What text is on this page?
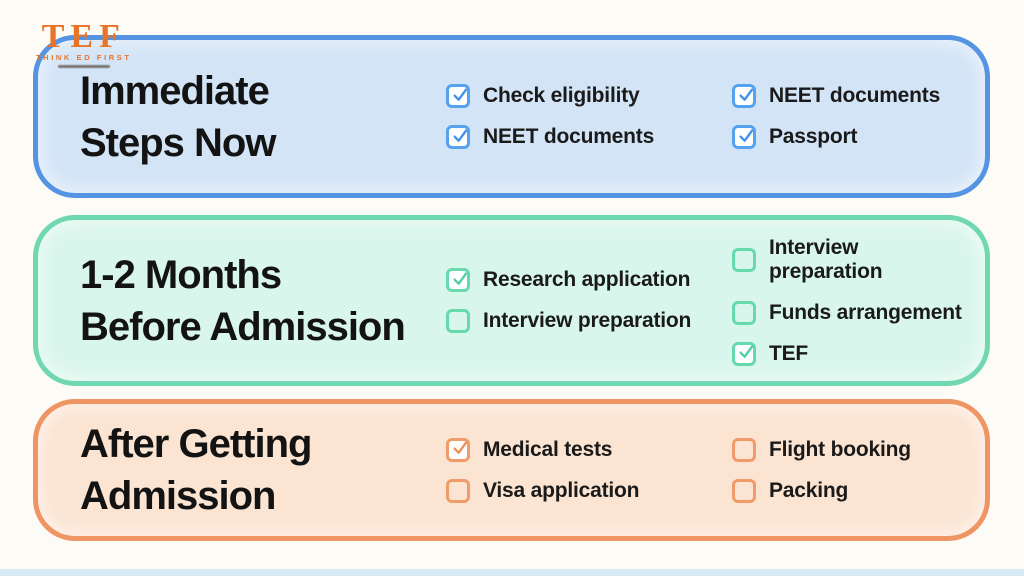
TEF
THINK ED FIRST
Immediate
Steps Now
Check eligibility
NEET documents
NEET documents
Passport
1-2 Months
Before Admission
Research application
Interview preparation
Interview preparation
Funds arrangement
TEF
After Getting
Admission
Medical tests
Visa application
Flight booking
Packing
